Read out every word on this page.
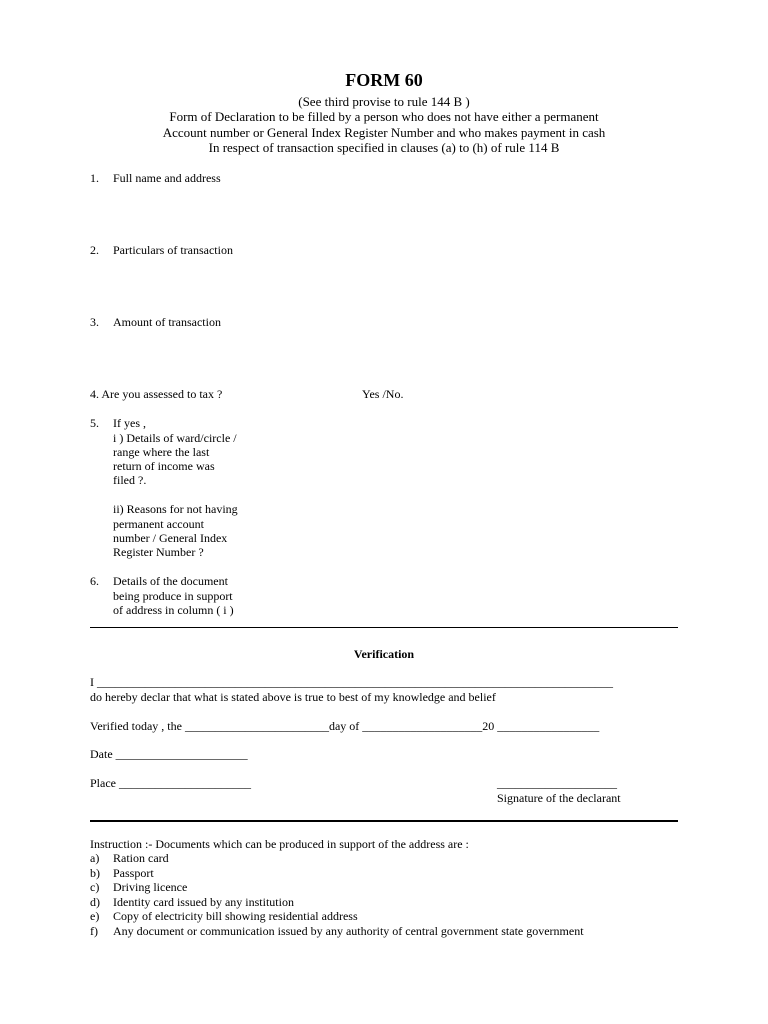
FORM 60
(See third provise to rule 144 B )
Form of Declaration to be filled by a person who does not have either a permanent
Account number or General Index Register Number and who makes payment in cash
In respect of transaction specified in clauses (a) to (h) of rule 114 B
1. Full name and address
2. Particulars of transaction
3. Amount of transaction
4. Are you assessed to tax ?	Yes /No.
5. If yes ,
i ) Details of ward/circle /
range where the last
return of income was
filed ?.
ii) Reasons for not having
permanent account
number / General Index
Register Number ?
6. Details of the document
being produce in support
of address in column ( i )
Verification
I ______________________________________________________________________________________
do hereby declar that what is stated above is true to best of my knowledge and belief
Verified today , the ________________________day of ____________________20 _________________
Date ______________________
Place ______________________	____________________
Signature of the declarant
Instruction :- Documents which can be produced in support of the address are :
a) Ration card
b) Passport
c) Driving licence
d) Identity card issued by any institution
e) Copy of electricity bill showing residential address
f) Any document or communication issued by any authority of central government state government
